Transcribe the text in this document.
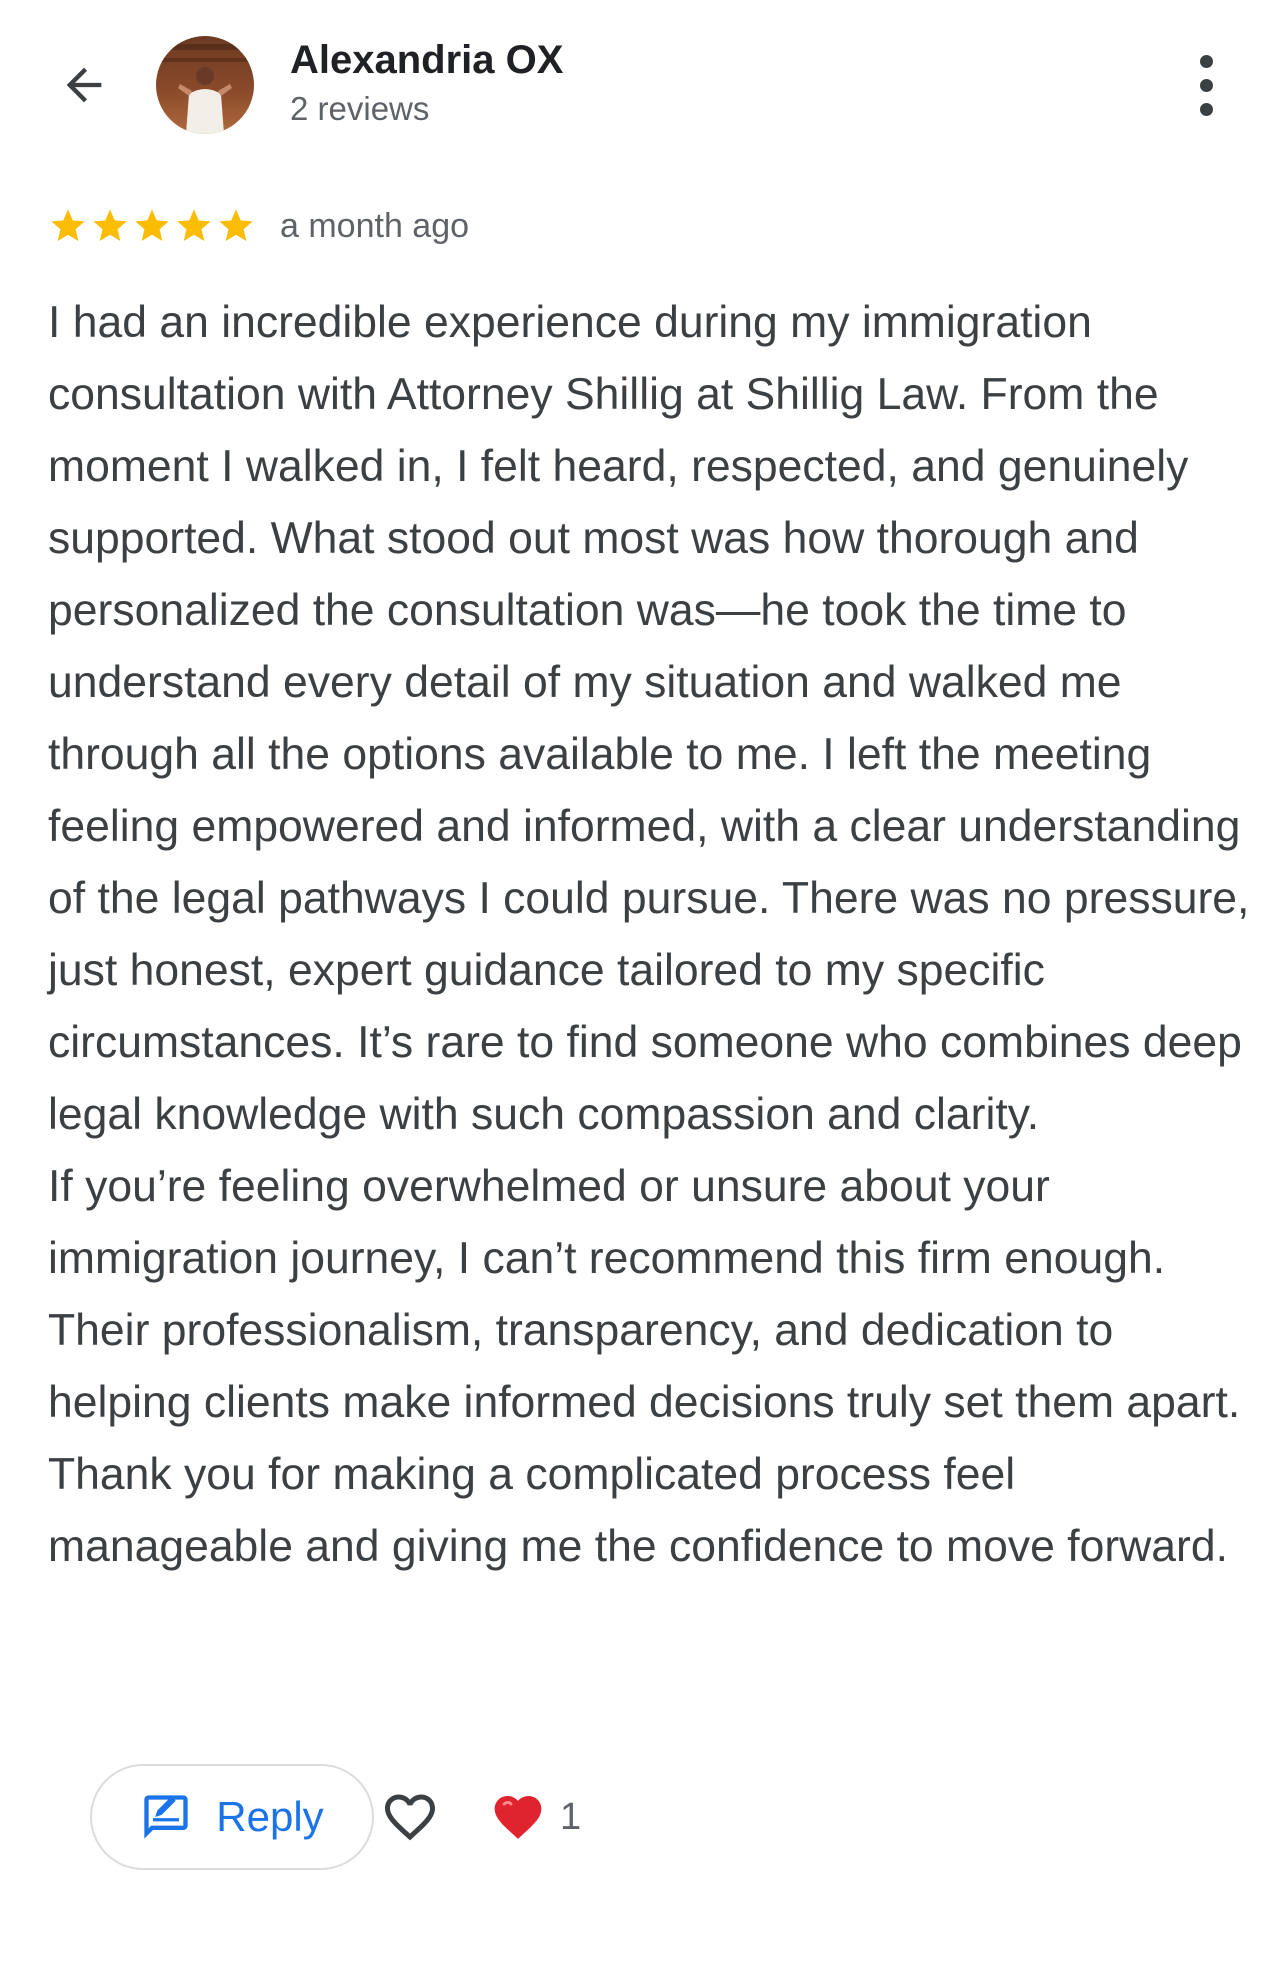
Alexandria OX
2 reviews
a month ago

I had an incredible experience during my immigration consultation with Attorney Shillig at Shillig Law. From the moment I walked in, I felt heard, respected, and genuinely supported. What stood out most was how thorough and personalized the consultation was—he took the time to understand every detail of my situation and walked me through all the options available to me. I left the meeting feeling empowered and informed, with a clear understanding of the legal pathways I could pursue. There was no pressure, just honest, expert guidance tailored to my specific circumstances. It’s rare to find someone who combines deep legal knowledge with such compassion and clarity.

If you’re feeling overwhelmed or unsure about your immigration journey, I can’t recommend this firm enough. Their professionalism, transparency, and dedication to helping clients make informed decisions truly set them apart. Thank you for making a complicated process feel manageable and giving me the confidence to move forward.

Reply	1
